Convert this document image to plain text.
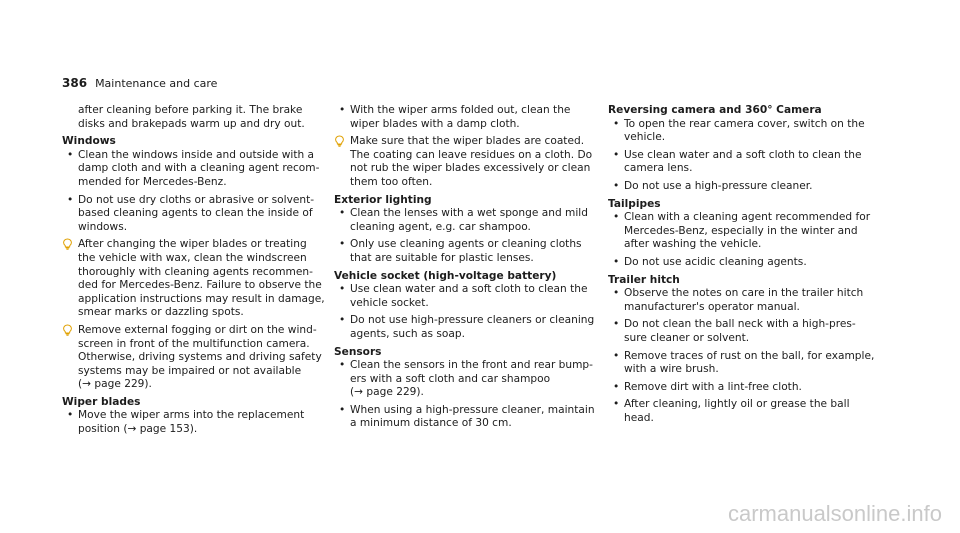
386 Maintenance and care
after cleaning before parking it. The brake
disks and brakepads warm up and dry out.
Windows
• Clean the windows inside and outside with a
damp cloth and with a cleaning agent recom-
mended for Mercedes-Benz.
• Do not use dry cloths or abrasive or solvent-
based cleaning agents to clean the inside of
windows.
After changing the wiper blades or treating
the vehicle with wax, clean the windscreen
thoroughly with cleaning agents recommen-
ded for Mercedes-Benz. Failure to observe the
application instructions may result in damage,
smear marks or dazzling spots.
Remove external fogging or dirt on the wind-
screen in front of the multifunction camera.
Otherwise, driving systems and driving safety
systems may be impaired or not available
(→ page 229).
Wiper blades
• Move the wiper arms into the replacement
position (→ page 153).
• With the wiper arms folded out, clean the
wiper blades with a damp cloth.
Make sure that the wiper blades are coated.
The coating can leave residues on a cloth. Do
not rub the wiper blades excessively or clean
them too often.
Exterior lighting
• Clean the lenses with a wet sponge and mild
cleaning agent, e.g. car shampoo.
• Only use cleaning agents or cleaning cloths
that are suitable for plastic lenses.
Vehicle socket (high-voltage battery)
• Use clean water and a soft cloth to clean the
vehicle socket.
• Do not use high-pressure cleaners or cleaning
agents, such as soap.
Sensors
• Clean the sensors in the front and rear bump-
ers with a soft cloth and car shampoo
(→ page 229).
• When using a high-pressure cleaner, maintain
a minimum distance of 30 cm.
Reversing camera and 360° Camera
• To open the rear camera cover, switch on the
vehicle.
• Use clean water and a soft cloth to clean the
camera lens.
• Do not use a high-pressure cleaner.
Tailpipes
• Clean with a cleaning agent recommended for
Mercedes-Benz, especially in the winter and
after washing the vehicle.
• Do not use acidic cleaning agents.
Trailer hitch
• Observe the notes on care in the trailer hitch
manufacturer's operator manual.
• Do not clean the ball neck with a high-pres-
sure cleaner or solvent.
• Remove traces of rust on the ball, for example,
with a wire brush.
• Remove dirt with a lint-free cloth.
• After cleaning, lightly oil or grease the ball
head.
carmanualsonline.info
